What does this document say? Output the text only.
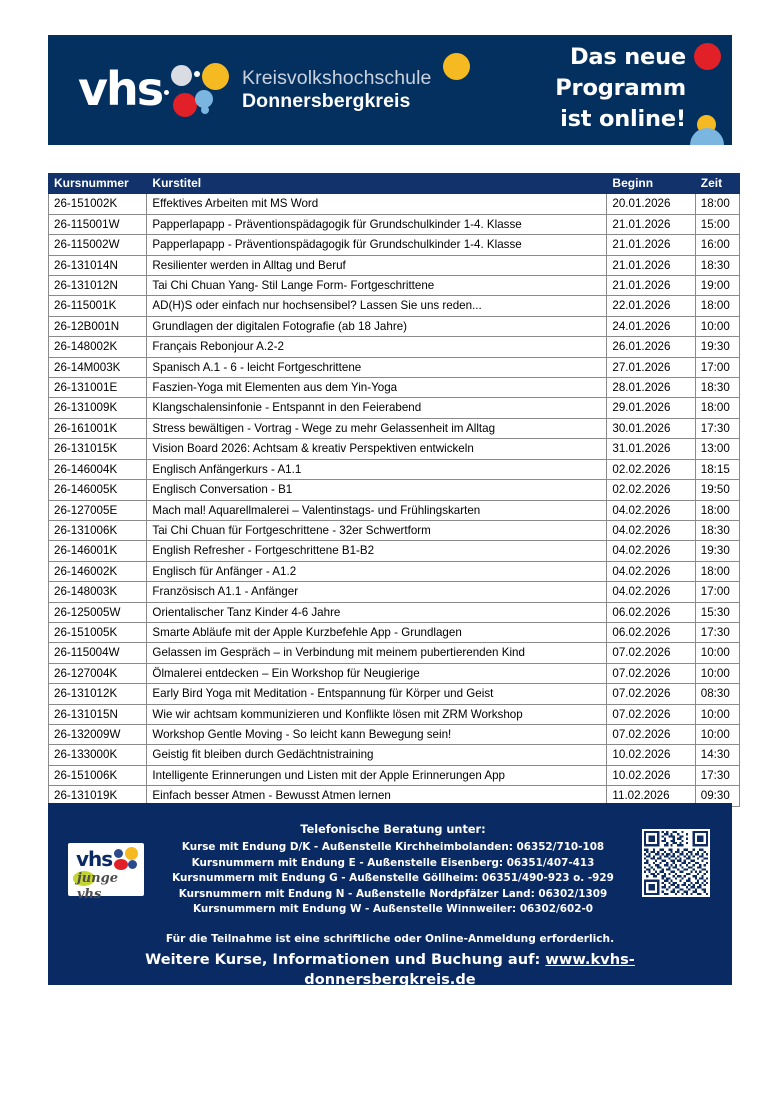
vhs	Kreisvolkshochschule
Donnersbergkreis
Das neue
Programm
ist online!
Kursnummer	Kurstitel	Beginn	Zeit
26-151002K	Effektives Arbeiten mit MS Word	20.01.2026	18:00
26-115001W	Papperlapapp - Präventionspädagogik für Grundschulkinder 1-4. Klasse	21.01.2026	15:00
26-115002W	Papperlapapp - Präventionspädagogik für Grundschulkinder 1-4. Klasse	21.01.2026	16:00
26-131014N	Resilienter werden in Alltag und Beruf	21.01.2026	18:30
26-131012N	Tai Chi Chuan Yang- Stil Lange Form- Fortgeschrittene	21.01.2026	19:00
26-115001K	AD(H)S oder einfach nur hochsensibel? Lassen Sie uns reden...	22.01.2026	18:00
26-12B001N	Grundlagen der digitalen Fotografie (ab 18 Jahre)	24.01.2026	10:00
26-148002K	Français Rebonjour A.2-2	26.01.2026	19:30
26-14M003K	Spanisch A.1 - 6 - leicht Fortgeschrittene	27.01.2026	17:00
26-131001E	Faszien-Yoga mit Elementen aus dem Yin-Yoga	28.01.2026	18:30
26-131009K	Klangschalensinfonie - Entspannt in den Feierabend	29.01.2026	18:00
26-161001K	Stress bewältigen - Vortrag - Wege zu mehr Gelassenheit im Alltag	30.01.2026	17:30
26-131015K	Vision Board 2026: Achtsam & kreativ Perspektiven entwickeln	31.01.2026	13:00
26-146004K	Englisch Anfängerkurs - A1.1	02.02.2026	18:15
26-146005K	Englisch Conversation - B1	02.02.2026	19:50
26-127005E	Mach mal! Aquarellmalerei – Valentinstags- und Frühlingskarten	04.02.2026	18:00
26-131006K	Tai Chi Chuan für Fortgeschrittene - 32er Schwertform	04.02.2026	18:30
26-146001K	English Refresher - Fortgeschrittene B1-B2	04.02.2026	19:30
26-146002K	Englisch für Anfänger - A1.2	04.02.2026	18:00
26-148003K	Französisch A1.1 - Anfänger	04.02.2026	17:00
26-125005W	Orientalischer Tanz Kinder 4-6 Jahre	06.02.2026	15:30
26-151005K	Smarte Abläufe mit der Apple Kurzbefehle App - Grundlagen	06.02.2026	17:30
26-115004W	Gelassen im Gespräch – in Verbindung mit meinem pubertierenden Kind	07.02.2026	10:00
26-127004K	Ölmalerei entdecken – Ein Workshop für Neugierige	07.02.2026	10:00
26-131012K	Early Bird Yoga mit Meditation - Entspannung für Körper und Geist	07.02.2026	08:30
26-131015N	Wie wir achtsam kommunizieren und Konflikte lösen mit ZRM Workshop	07.02.2026	10:00
26-132009W	Workshop Gentle Moving - So leicht kann Bewegung sein!	07.02.2026	10:00
26-133000K	Geistig fit bleiben durch Gedächtnistraining	10.02.2026	14:30
26-151006K	Intelligente Erinnerungen und Listen mit der Apple Erinnerungen App	10.02.2026	17:30
26-131019K	Einfach besser Atmen - Bewusst Atmen lernen	11.02.2026	09:30
vhs
junge vhs
Telefonische Beratung unter:
Kurse mit Endung D/K - Außenstelle Kirchheimbolanden: 06352/710-108
Kursnummern mit Endung E - Außenstelle Eisenberg: 06351/407-413
Kursnummern mit Endung G - Außenstelle Göllheim: 06351/490-923 o. -929
Kursnummern mit Endung N - Außenstelle Nordpfälzer Land: 06302/1309
Kursnummern mit Endung W - Außenstelle Winnweiler: 06302/602-0
Für die Teilnahme ist eine schriftliche oder Online-Anmeldung erforderlich.
Weitere Kurse, Informationen und Buchung auf: www.kvhs-donnersbergkreis.de
